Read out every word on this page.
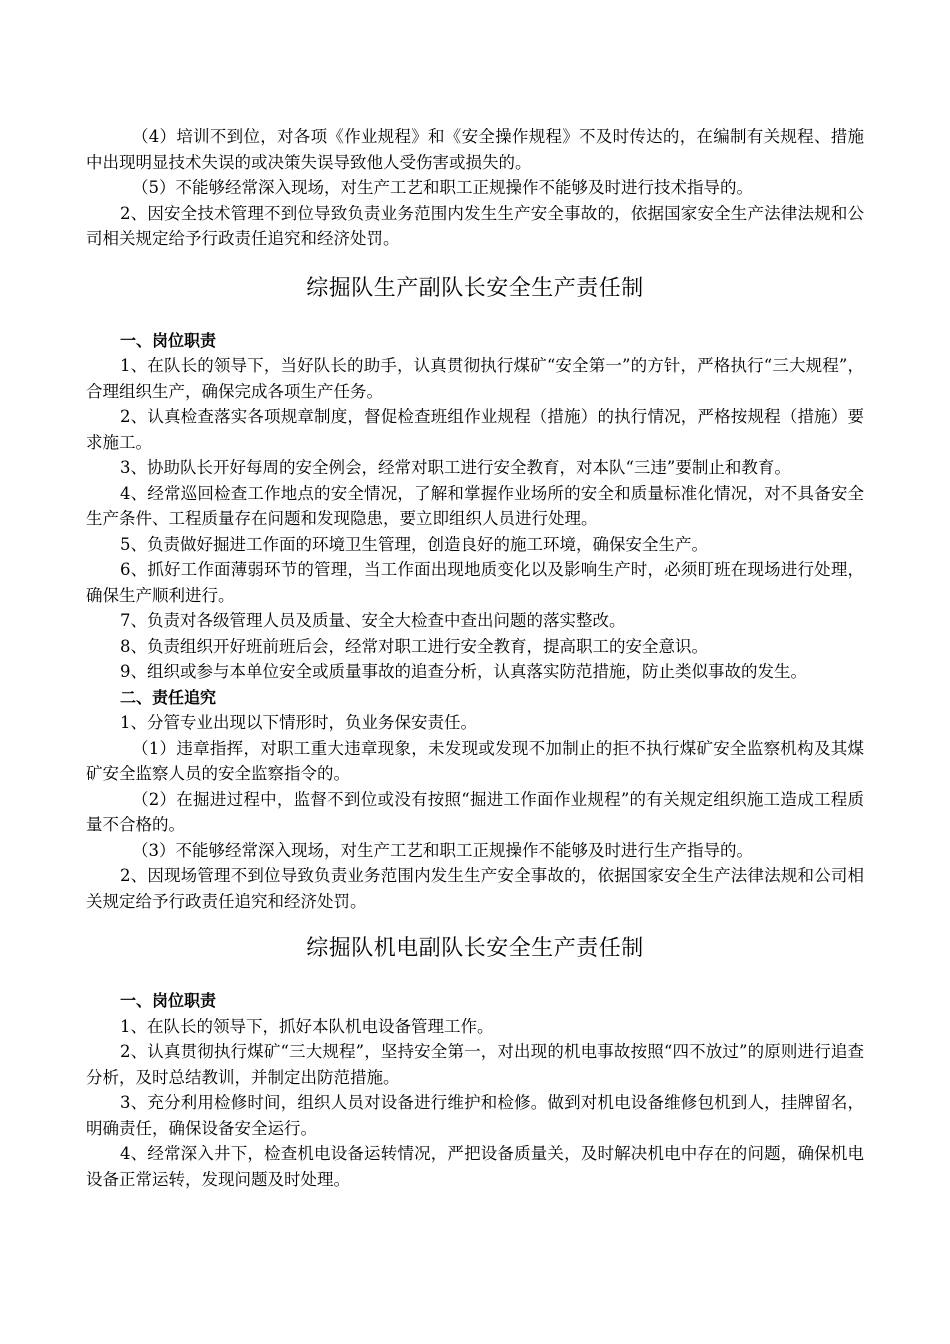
（4）培训不到位，对各项《作业规程》和《安全操作规程》不及时传达的，在编制有关规程、措施中出现明显技术失误的或决策失误导致他人受伤害或损失的。

（5）不能够经常深入现场，对生产工艺和职工正规操作不能够及时进行技术指导的。

2、因安全技术管理不到位导致负责业务范围内发生生产安全事故的，依据国家安全生产法律法规和公司相关规定给予行政责任追究和经济处罚。

综掘队生产副队长安全生产责任制
一、岗位职责

1、在队长的领导下，当好队长的助手，认真贯彻执行煤矿“安全第一”的方针，严格执行“三大规程”，合理组织生产，确保完成各项生产任务。

2、认真检查落实各项规章制度，督促检查班组作业规程（措施）的执行情况，严格按规程（措施）要求施工。

3、协助队长开好每周的安全例会，经常对职工进行安全教育，对本队“三违”要制止和教育。

4、经常巡回检查工作地点的安全情况，了解和掌握作业场所的安全和质量标准化情况，对不具备安全生产条件、工程质量存在问题和发现隐患，要立即组织人员进行处理。

5、负责做好掘进工作面的环境卫生管理，创造良好的施工环境，确保安全生产。

6、抓好工作面薄弱环节的管理，当工作面出现地质变化以及影响生产时，必须盯班在现场进行处理，确保生产顺利进行。

7、负责对各级管理人员及质量、安全大检查中查出问题的落实整改。

8、负责组织开好班前班后会，经常对职工进行安全教育，提高职工的安全意识。

9、组织或参与本单位安全或质量事故的追查分析，认真落实防范措施，防止类似事故的发生。

二、责任追究

1、分管专业出现以下情形时，负业务保安责任。

（1）违章指挥，对职工重大违章现象，未发现或发现不加制止的拒不执行煤矿安全监察机构及其煤矿安全监察人员的安全监察指令的。

（2）在掘进过程中，监督不到位或没有按照“掘进工作面作业规程”的有关规定组织施工造成工程质量不合格的。

（3）不能够经常深入现场，对生产工艺和职工正规操作不能够及时进行生产指导的。

2、因现场管理不到位导致负责业务范围内发生生产安全事故的，依据国家安全生产法律法规和公司相关规定给予行政责任追究和经济处罚。

综掘队机电副队长安全生产责任制
一、岗位职责

1、在队长的领导下，抓好本队机电设备管理工作。

2、认真贯彻执行煤矿“三大规程”，坚持安全第一，对出现的机电事故按照“四不放过”的原则进行追查分析，及时总结教训，并制定出防范措施。

3、充分利用检修时间，组织人员对设备进行维护和检修。做到对机电设备维修包机到人，挂牌留名，明确责任，确保设备安全运行。

4、经常深入井下，检查机电设备运转情况，严把设备质量关，及时解决机电中存在的问题，确保机电设备正常运转，发现问题及时处理。
